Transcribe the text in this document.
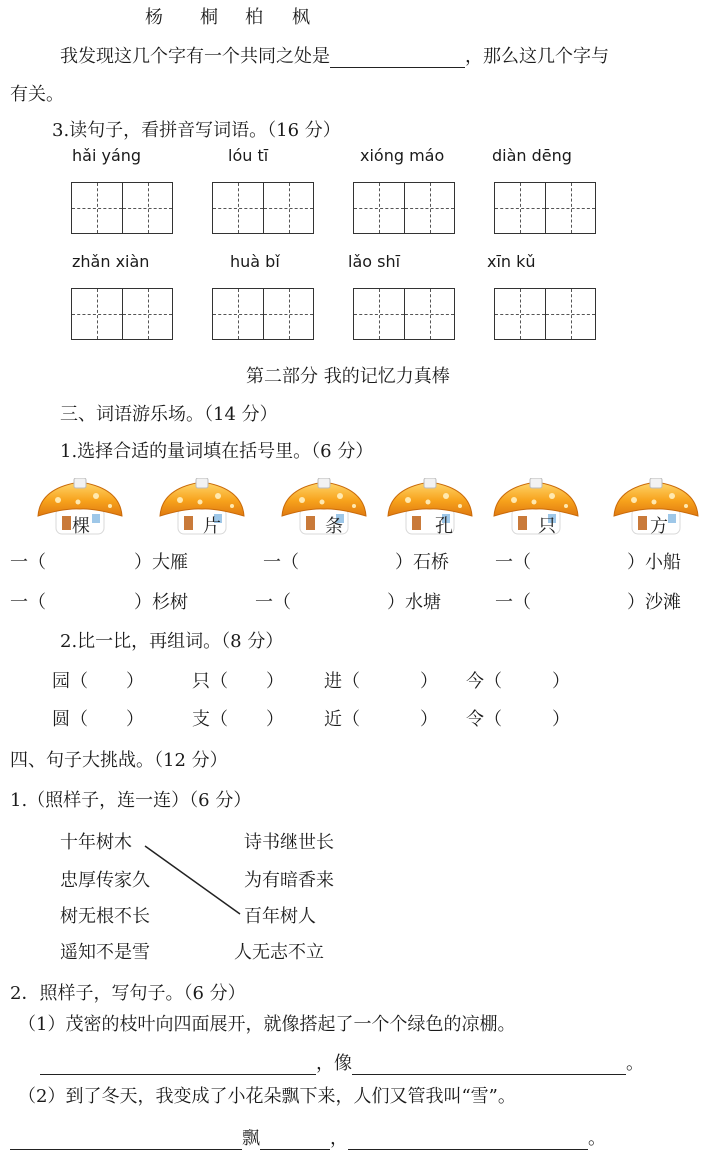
杨 桐 柏 枫
我发现这几个字有一个共同之处是	，那么这几个字与
有关。
3.读句子，看拼音写词语。（16 分）
hǎi yáng	lóu tī	xióng máo	diàn dēng
zhǎn xiàn	huà bǐ	lǎo shī	xīn kǔ
第二部分 我的记忆力真棒
三、词语游乐场。（14 分）
1.选择合适的量词填在括号里。（6 分）
棵	片	条	孔	只	方
一（	）大雁	一（	）石桥	一（	）小船
一（	）杉树	一（	）水塘	一（	）沙滩
2.比一比，再组词。（8 分）
园（ ）	只（ ） 进（	） 今（	）
圆（ ）	支（ ） 近（	） 令（	）
四、句子大挑战。（12 分）
1.（照样子，连一连）（6 分）
十年树木
忠厚传家久
树无根不长
遥知不是雪
诗书继世长
为有暗香来
百年树人
人无志不立
2．照样子，写句子。（6 分）
（1）茂密的枝叶向四面展开，就像搭起了一个个绿色的凉棚。
，像	。
（2）到了冬天，我变成了小花朵飘下来，人们又管我叫“雪”。
飘	，	。
